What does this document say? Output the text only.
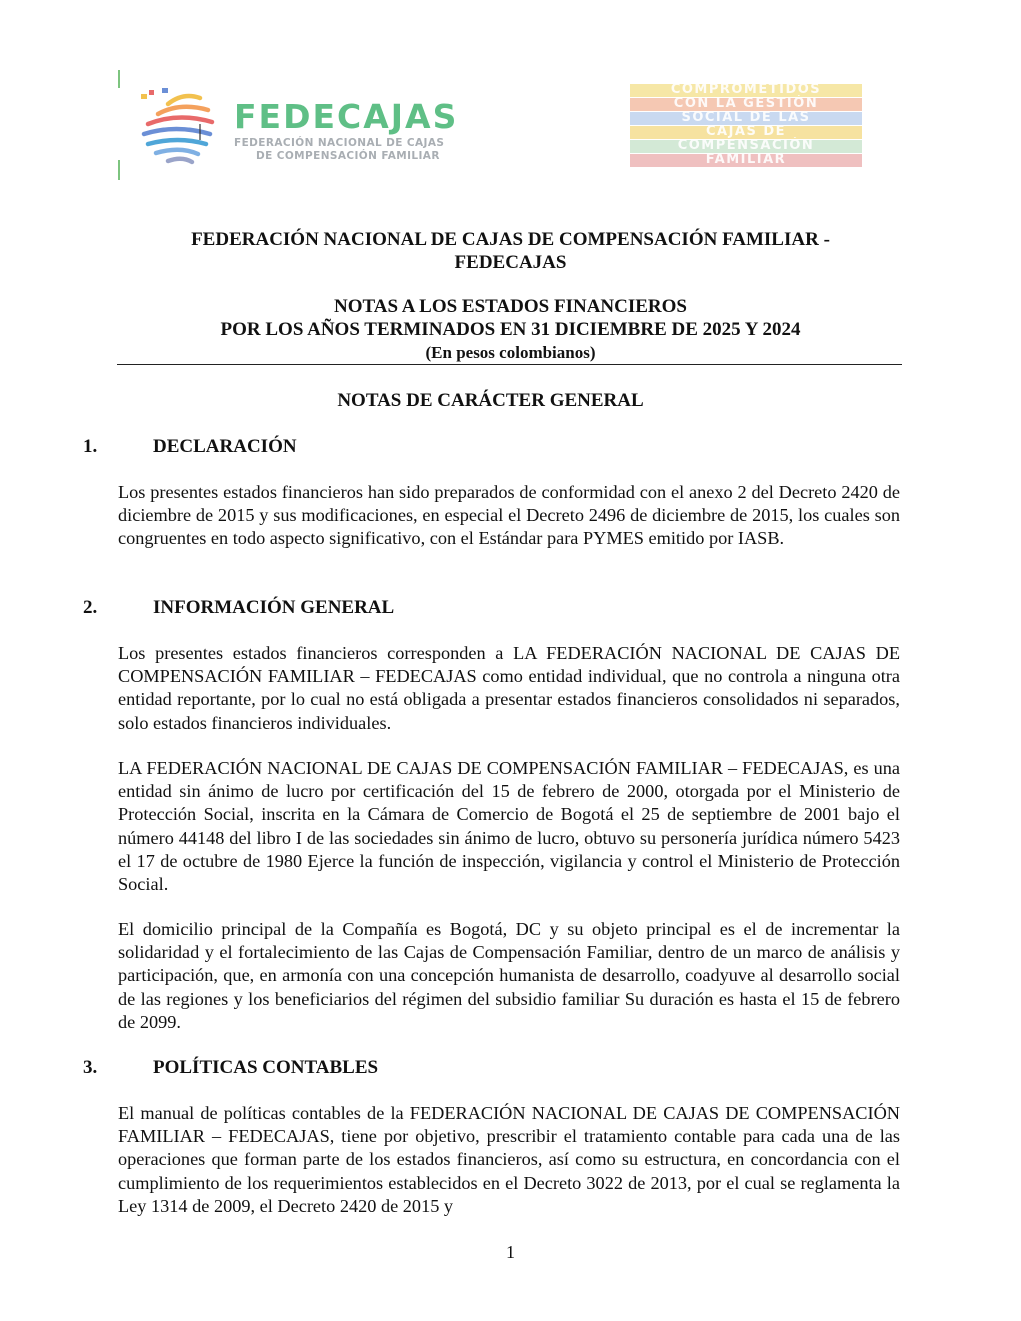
FEDECAJAS
FEDERACIÓN NACIONAL DE CAJAS
DE COMPENSACIÓN FAMILIAR
COMPROMETIDOS
CON LA GESTIÓN
SOCIAL DE LAS
CAJAS DE
COMPENSACIÓN
FAMILIAR
FEDERACIÓN NACIONAL DE CAJAS DE COMPENSACIÓN FAMILIAR -
FEDECAJAS
NOTAS A LOS ESTADOS FINANCIEROS
POR LOS AÑOS TERMINADOS EN 31 DICIEMBRE DE 2025 Y 2024
(En pesos colombianos)
NOTAS DE CARÁCTER GENERAL
1.	DECLARACIÓN
Los presentes estados financieros han sido preparados de conformidad con el anexo 2 del Decreto 2420 de diciembre de 2015 y sus modificaciones, en especial el Decreto 2496 de diciembre de 2015, los cuales son congruentes en todo aspecto significativo, con el Estándar para PYMES emitido por IASB.
2.	INFORMACIÓN GENERAL
Los presentes estados financieros corresponden a LA FEDERACIÓN NACIONAL DE CAJAS DE COMPENSACIÓN FAMILIAR – FEDECAJAS como entidad individual, que no controla a ninguna otra entidad reportante, por lo cual no está obligada a presentar estados financieros consolidados ni separados, solo estados financieros individuales.
LA FEDERACIÓN NACIONAL DE CAJAS DE COMPENSACIÓN FAMILIAR – FEDECAJAS, es una entidad sin ánimo de lucro por certificación del 15 de febrero de 2000, otorgada por el Ministerio de Protección Social, inscrita en la Cámara de Comercio de Bogotá el 25 de septiembre de 2001 bajo el número 44148 del libro I de las sociedades sin ánimo de lucro, obtuvo su personería jurídica número 5423 el 17 de octubre de 1980 Ejerce la función de inspección, vigilancia y control el Ministerio de Protección Social.
El domicilio principal de la Compañía es Bogotá, DC y su objeto principal es el de incrementar la solidaridad y el fortalecimiento de las Cajas de Compensación Familiar, dentro de un marco de análisis y participación, que, en armonía con una concepción humanista de desarrollo, coadyuve al desarrollo social de las regiones y los beneficiarios del régimen del subsidio familiar Su duración es hasta el 15 de febrero de 2099.
3.	POLÍTICAS CONTABLES
El manual de políticas contables de la FEDERACIÓN NACIONAL DE CAJAS DE COMPENSACIÓN FAMILIAR – FEDECAJAS, tiene por objetivo, prescribir el tratamiento contable para cada una de las operaciones que forman parte de los estados financieros, así como su estructura, en concordancia con el cumplimiento de los requerimientos establecidos en el Decreto 3022 de 2013, por el cual se reglamenta la Ley 1314 de 2009, el Decreto 2420 de 2015 y
1
